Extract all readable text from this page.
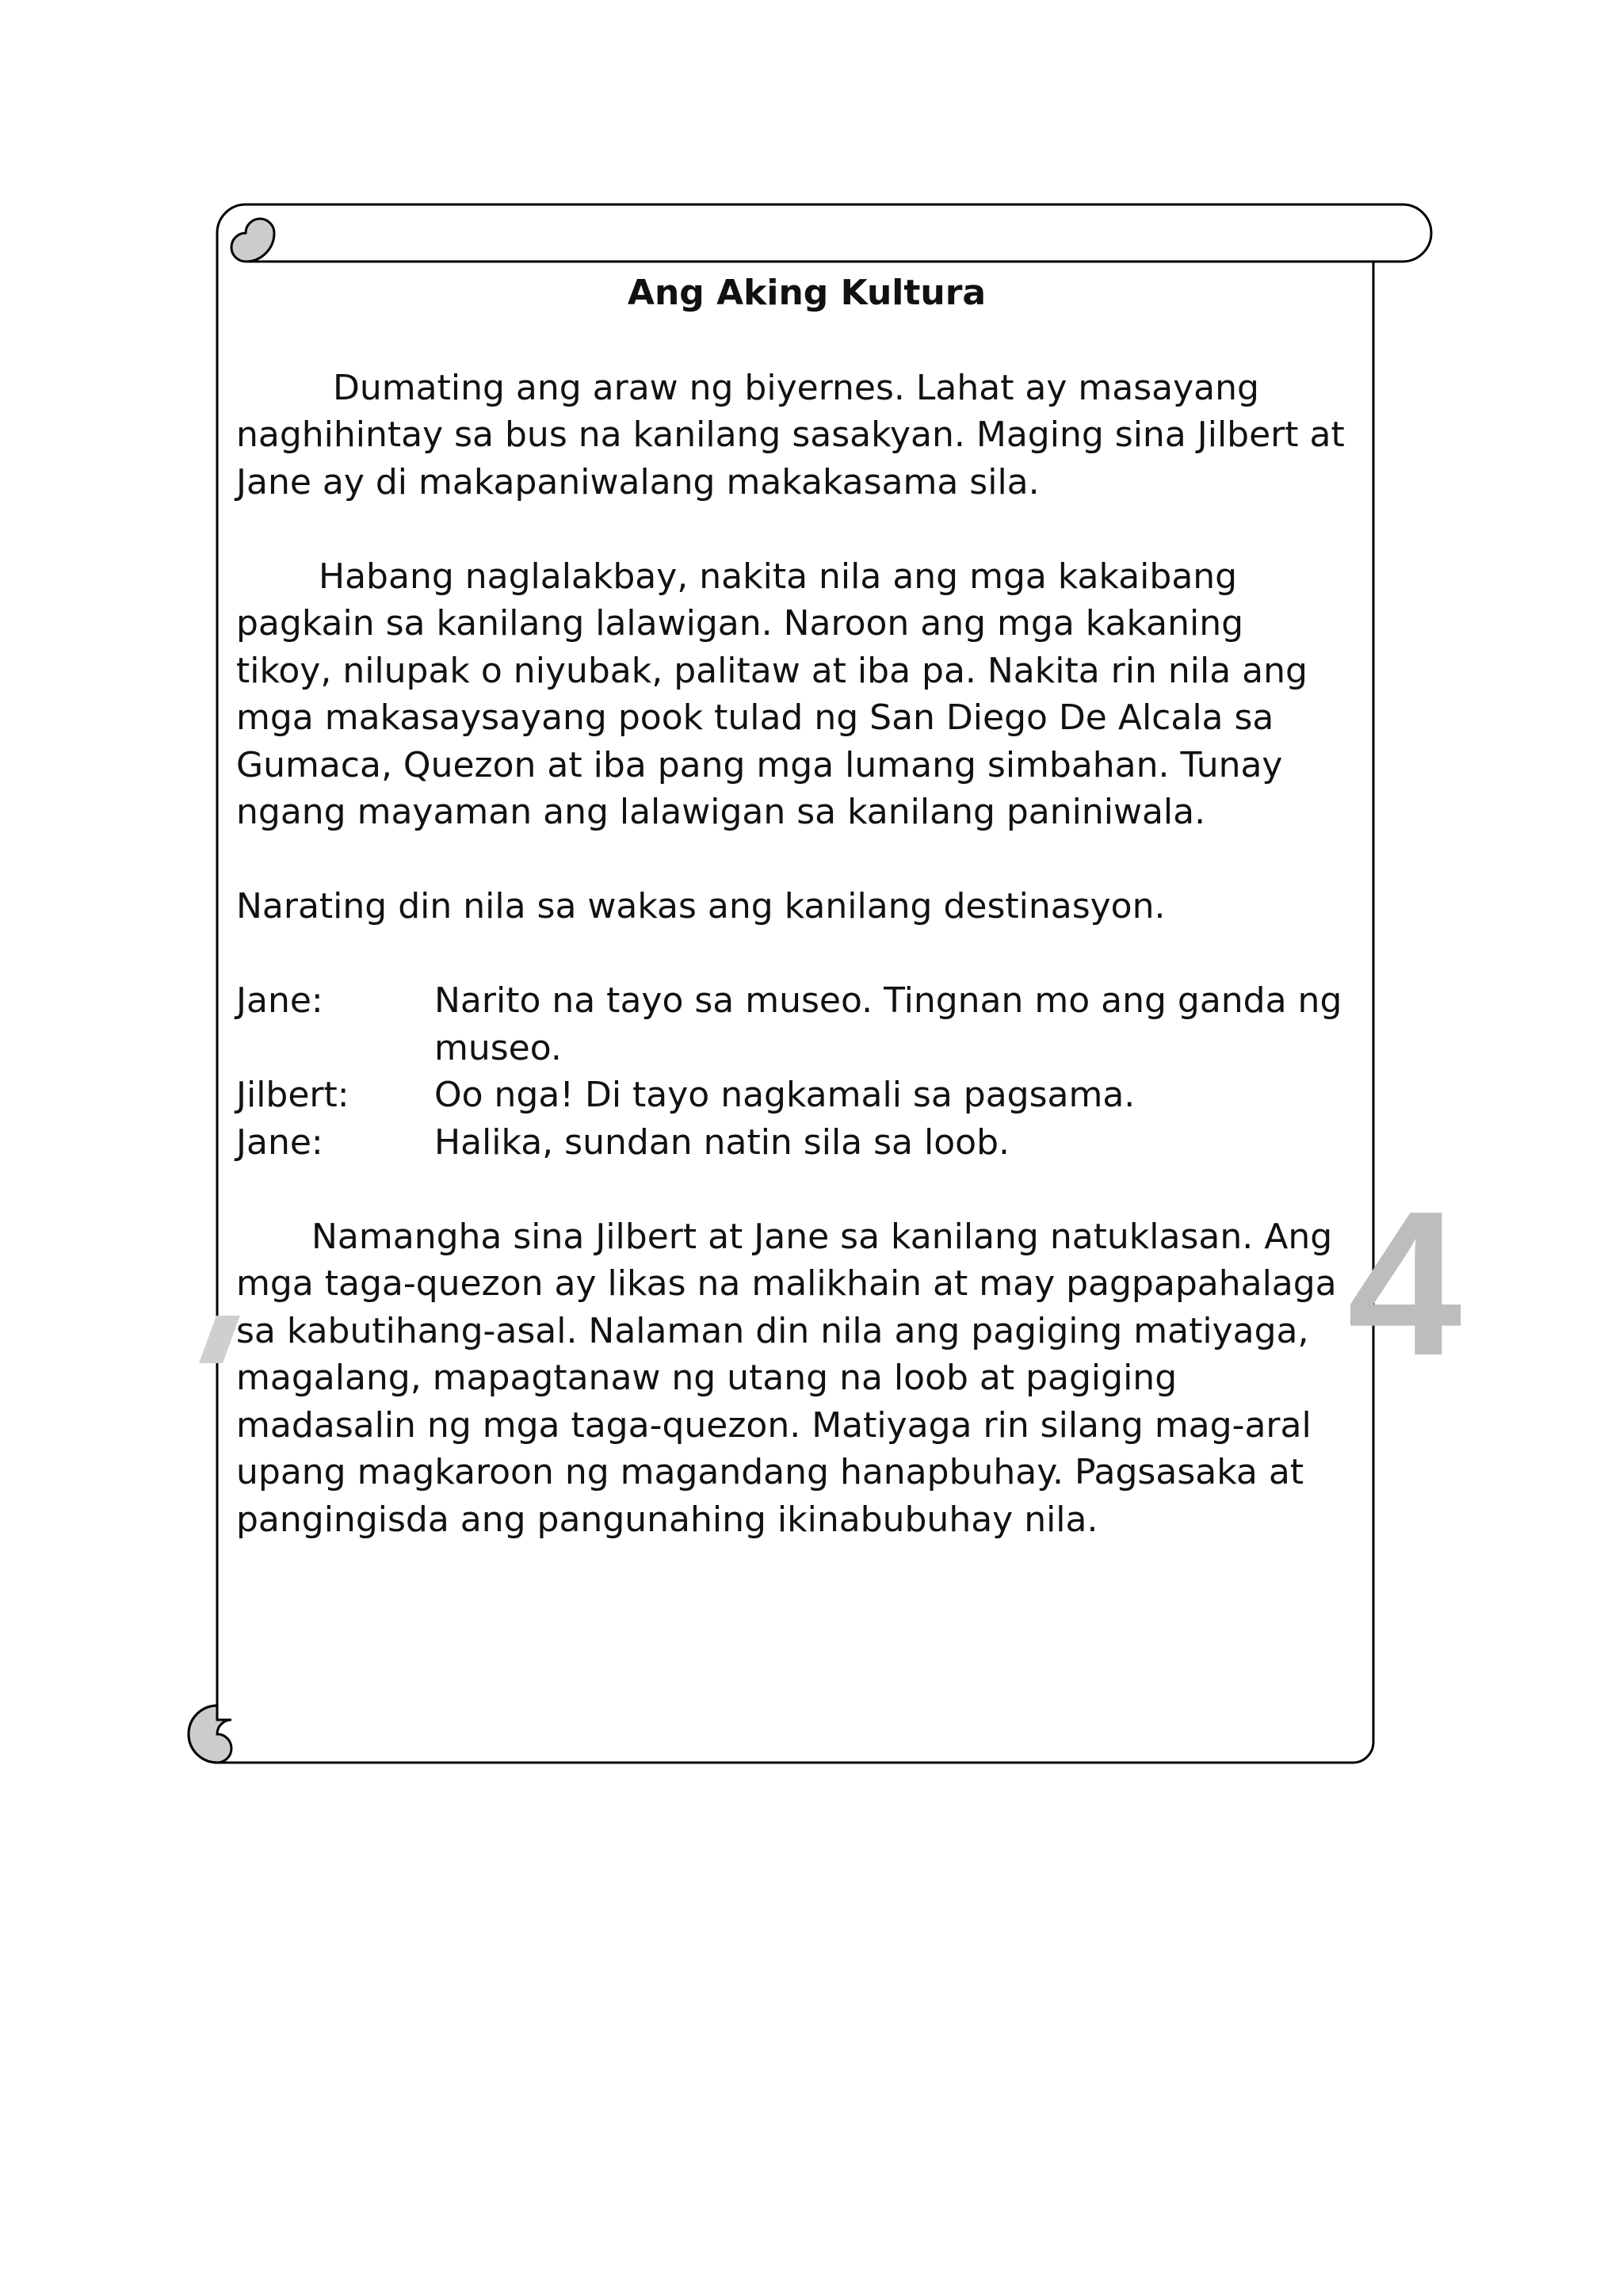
4
Ang Aking Kultura

Dumating ang araw ng biyernes. Lahat ay masayang naghihintay sa bus na kanilang sasakyan. Maging sina Jilbert at Jane ay di makapaniwalang makakasama sila.

Habang naglalakbay, nakita nila ang mga kakaibang pagkain sa kanilang lalawigan. Naroon ang mga kakaning tikoy, nilupak o niyubak, palitaw at iba pa. Nakita rin nila ang mga makasaysayang pook tulad ng San Diego De Alcala sa Gumaca, Quezon at iba pang mga lumang simbahan. Tunay ngang mayaman ang lalawigan sa kanilang paniniwala.

Narating din nila sa wakas ang kanilang destinasyon.

Jane:	Narito na tayo sa museo. Tingnan mo ang ganda ng museo.
Jilbert:	Oo nga! Di tayo nagkamali sa pagsama.
Jane:	Halika, sundan natin sila sa loob.

Namangha sina Jilbert at Jane sa kanilang natuklasan. Ang mga taga-quezon ay likas na malikhain at may pagpapahalaga sa kabutihang-asal. Nalaman din nila ang pagiging matiyaga, magalang, mapagtanaw ng utang na loob at pagiging madasalin ng mga taga-quezon. Matiyaga rin silang mag-aral upang magkaroon ng magandang hanapbuhay. Pagsasaka at pangingisda ang pangunahing ikinabubuhay nila.
